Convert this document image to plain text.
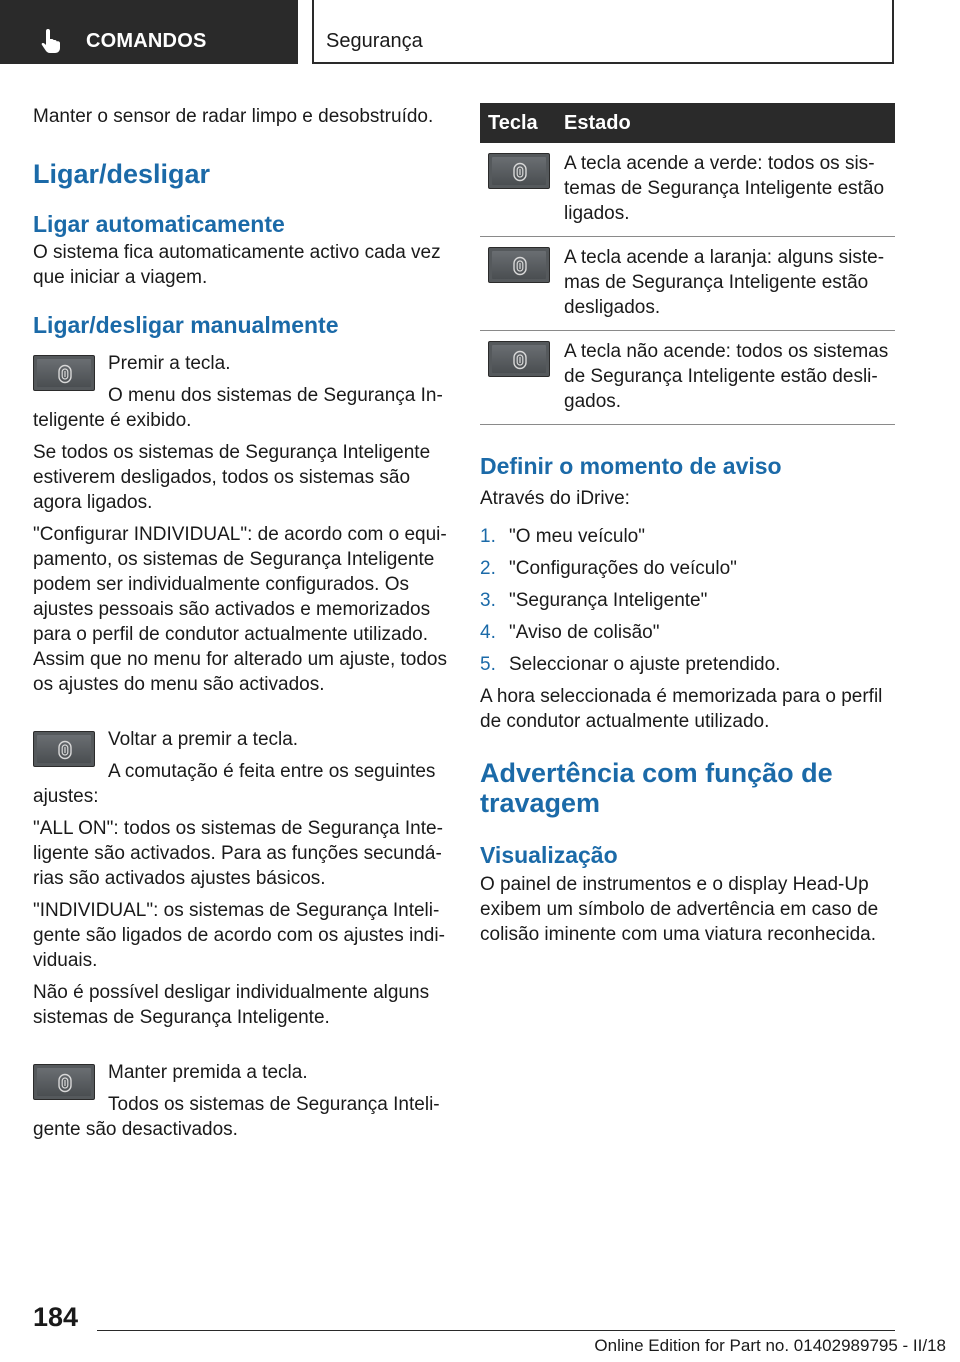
COMANDOS	Segurança

Manter o sensor de radar limpo e desobstruído.

Ligar/desligar
Ligar automaticamente

O sistema fica automaticamente activo cada vez que iniciar a viagem.

Ligar/desligar manualmente

Premir a tecla.

O menu dos sistemas de Segurança Inteligente é exibido.

Se todos os sistemas de Segurança Inteligente estiverem desligados, todos os sistemas são agora ligados.

"Configurar INDIVIDUAL": de acordo com o equipamento, os sistemas de Segurança Inteligente podem ser individualmente configurados. Os ajustes pessoais são activados e memorizados para o perfil de condutor actualmente utilizado. Assim que no menu for alterado um ajuste, todos os ajustes do menu são activados.

Voltar a premir a tecla.

A comutação é feita entre os seguintes ajustes:

"ALL ON": todos os sistemas de Segurança Inteligente são activados. Para as funções secundárias são activados ajustes básicos.

"INDIVIDUAL": os sistemas de Segurança Inteligente são ligados de acordo com os ajustes individuais.

Não é possível desligar individualmente alguns sistemas de Segurança Inteligente.

Manter premida a tecla.

Todos os sistemas de Segurança Inteligente são desactivados.

Tecla	Estado

	A tecla acende a verde: todos os sistemas de Segurança Inteligente estão ligados.

	A tecla acende a laranja: alguns sistemas de Segurança Inteligente estão desligados.

	A tecla não acende: todos os sistemas de Segurança Inteligente estão desligados.
Definir o momento de aviso

Através do iDrive:

1. "O meu veículo"
2. "Configurações do veículo"
3. "Segurança Inteligente"
4. "Aviso de colisão"
5. Seleccionar o ajuste pretendido.

A hora seleccionada é memorizada para o perfil de condutor actualmente utilizado.

Advertência com função de travagem
Visualização

O painel de instrumentos e o display Head-Up exibem um símbolo de advertência em caso de colisão iminente com uma viatura reconhecida.

184
Online Edition for Part no. 01402989795 - II/18
